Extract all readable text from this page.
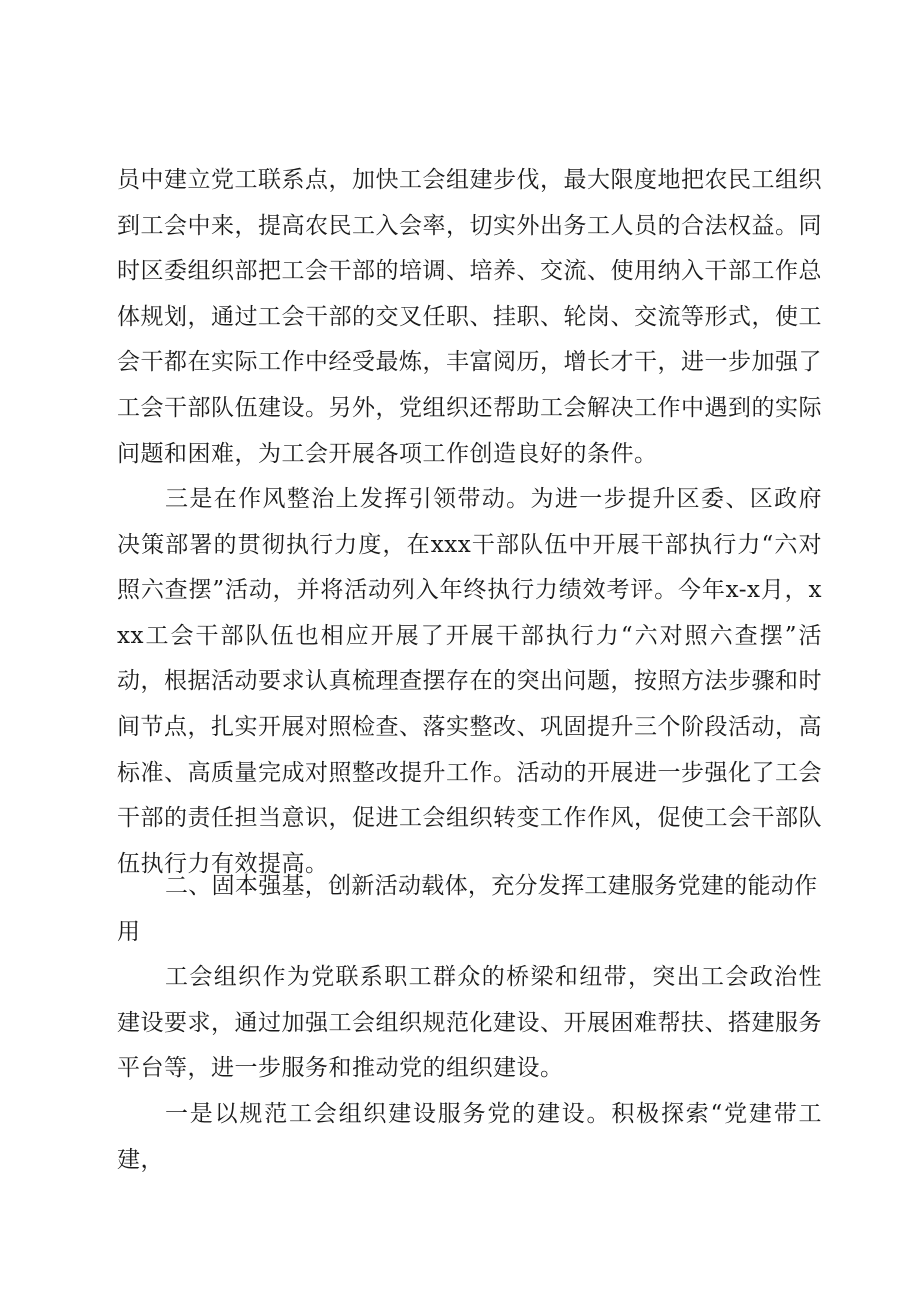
员中建立党工联系点，加快工会组建步伐，最大限度地把农民工组织到工会中来，提高农民工入会率，切实外出务工人员的合法权益。同时区委组织部把工会干部的培调、培养、交流、使用纳入干部工作总体规划，通过工会干部的交叉任职、挂职、轮岗、交流等形式，使工会干都在实际工作中经受最炼，丰富阅历，增长才干，进一步加强了工会干部队伍建设。另外，党组织还帮助工会解决工作中遇到的实际问题和困难，为工会开展各项工作创造良好的条件。

三是在作风整治上发挥引领带动。为进一步提升区委、区政府决策部署的贯彻执行力度，在xxx干部队伍中开展干部执行力“六对照六查摆”活动，并将活动列入年终执行力绩效考评。今年x-x月，xxx工会干部队伍也相应开展了开展干部执行力“六对照六查摆”活动，根据活动要求认真梳理查摆存在的突出问题，按照方法步骤和时间节点，扎实开展对照检查、落实整改、巩固提升三个阶段活动，高标准、高质量完成对照整改提升工作。活动的开展进一步强化了工会干部的责任担当意识，促进工会组织转变工作作风，促使工会干部队伍执行力有效提高。

二、固本强基，创新活动载体，充分发挥工建服务党建的能动作用

工会组织作为党联系职工群众的桥梁和纽带，突出工会政治性建设要求，通过加强工会组织规范化建设、开展困难帮扶、搭建服务平台等，进一步服务和推动党的组织建设。

一是以规范工会组织建设服务党的建设。积极探索“党建带工建，
